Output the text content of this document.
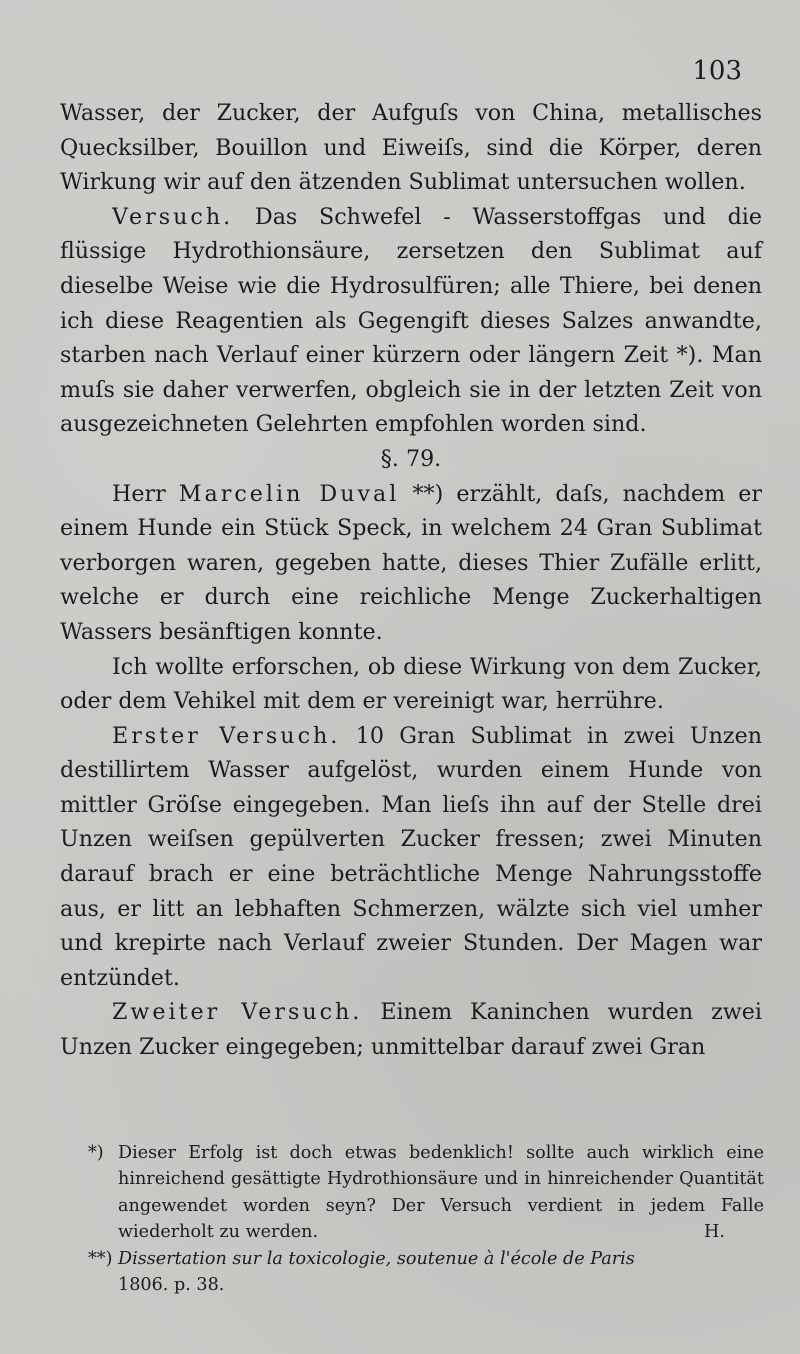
103

Wasser, der Zucker, der Aufguſs von China, metallisches Quecksilber, Bouillon und Eiweiſs, sind die Körper, deren Wirkung wir auf den ätzenden Sublimat untersuchen wollen.

Versuch. Das Schwefel - Wasserstoffgas und die flüssige Hydrothionsäure, zersetzen den Sublimat auf dieselbe Weise wie die Hydrosulfüren; alle Thiere, bei denen ich diese Reagentien als Gegengift dieses Salzes anwandte, starben nach Verlauf einer kürzern oder längern Zeit *). Man muſs sie daher verwerfen, obgleich sie in der letzten Zeit von ausgezeichneten Gelehrten empfohlen worden sind.

§. 79.

Herr Marcelin Duval **) erzählt, daſs, nachdem er einem Hunde ein Stück Speck, in welchem 24 Gran Sublimat verborgen waren, gegeben hatte, dieses Thier Zufälle erlitt, welche er durch eine reichliche Menge Zuckerhaltigen Wassers besänftigen konnte.

Ich wollte erforschen, ob diese Wirkung von dem Zucker, oder dem Vehikel mit dem er vereinigt war, herrühre.

Erster Versuch. 10 Gran Sublimat in zwei Unzen destillirtem Wasser aufgelöst, wurden einem Hunde von mittler Gröſse eingegeben. Man lieſs ihn auf der Stelle drei Unzen weiſsen gepülverten Zucker fressen; zwei Minuten darauf brach er eine beträchtliche Menge Nahrungsstoffe aus, er litt an lebhaften Schmerzen, wälzte sich viel umher und krepirte nach Verlauf zweier Stunden. Der Magen war entzündet.

Zweiter Versuch. Einem Kaninchen wurden zwei Unzen Zucker eingegeben; unmittelbar darauf zwei Gran

*) Dieser Erfolg ist doch etwas bedenklich! sollte auch wirklich eine hinreichend gesättigte Hydrothionsäure und in hinreichender Quantität angewendet worden seyn? Der Versuch verdient in jedem Falle wiederholt zu werden.	H.

**) Dissertation sur la toxicologie, soutenue à l'école de Paris
1806. p. 38.
